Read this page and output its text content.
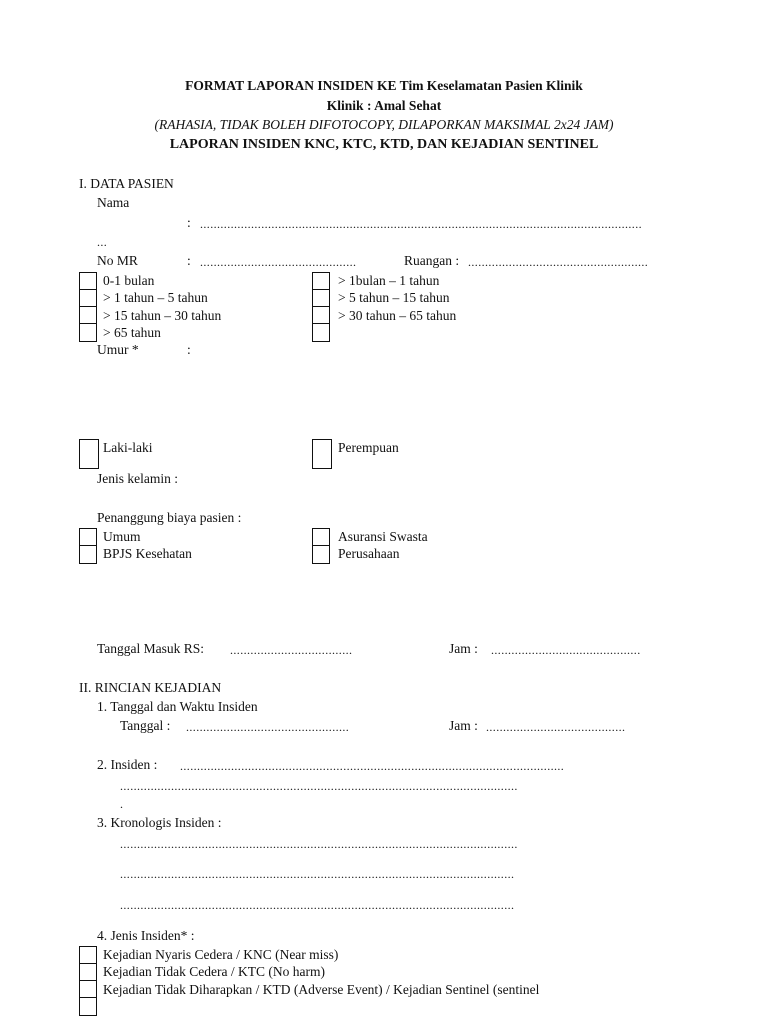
FORMAT LAPORAN INSIDEN KE Tim Keselamatan Pasien Klinik
Klinik : Amal Sehat
(RAHASIA, TIDAK BOLEH DIFOTOCOPY, DILAPORKAN MAKSIMAL 2x24 JAM)
LAPORAN INSIDEN KNC, KTC, KTD, DAN KEJADIAN SENTINEL
I. DATA PASIEN
Nama
: ..................................................................................................................................
...
No MR	: ..............................................	Ruangan : .....................................................
0-1 bulan
> 1 tahun – 5 tahun
> 15 tahun – 30 tahun
> 65 tahun
> 1bulan – 1 tahun
> 5 tahun – 15 tahun
> 30 tahun – 65 tahun
Umur *	:
Laki-laki	Perempuan
Jenis kelamin :
Penanggung biaya pasien :
Umum
BPJS Kesehatan
Asuransi Swasta
Perusahaan
Tanggal Masuk RS: ....................................	Jam : ............................................
II. RINCIAN KEJADIAN
1. Tanggal dan Waktu Insiden
Tanggal : ................................................	Jam : .........................................
2. Insiden : .................................................................................................................
.....................................................................................................................
.
3. Kronologis Insiden :
.....................................................................................................................
....................................................................................................................
....................................................................................................................
4. Jenis Insiden* :
Kejadian Nyaris Cedera / KNC (Near miss)
Kejadian Tidak Cedera / KTC (No harm)
Kejadian Tidak Diharapkan / KTD (Adverse Event) / Kejadian Sentinel (sentinel
